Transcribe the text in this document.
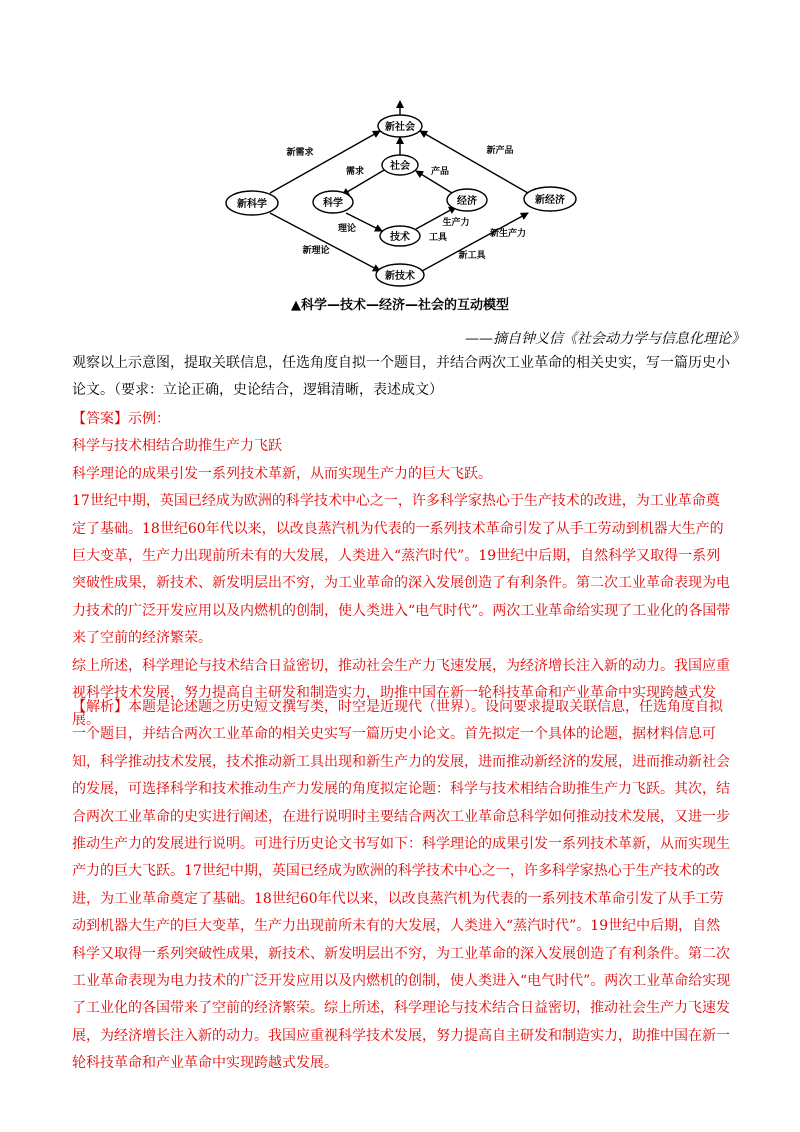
新社会
社会
新科学	科学	经济	新经济
技术
新技术
新需求	新产品
需求	产品
理论
工具
生产力
新理论	新工具
新生产力
▲科学—技术—经济—社会的互动模型
——摘自钟义信《社会动力学与信息化理论》

观察以上示意图，提取关联信息，任选角度自拟一个题目，并结合两次工业革命的相关史实，写一篇历史小论文。（要求：立论正确，史论结合，逻辑清晰，表述成文）

【答案】示例：

科学与技术相结合助推生产力飞跃

科学理论的成果引发一系列技术革新，从而实现生产力的巨大飞跃。

17世纪中期，英国已经成为欧洲的科学技术中心之一，许多科学家热心于生产技术的改进，为工业革命奠定了基础。18世纪60年代以来，以改良蒸汽机为代表的一系列技术革命引发了从手工劳动到机器大生产的巨大变革，生产力出现前所未有的大发展，人类进入“蒸汽时代”。19世纪中后期，自然科学又取得一系列突破性成果，新技术、新发明层出不穷，为工业革命的深入发展创造了有利条件。第二次工业革命表现为电力技术的广泛开发应用以及内燃机的创制，使人类进入“电气时代”。两次工业革命给实现了工业化的各国带来了空前的经济繁荣。

综上所述，科学理论与技术结合日益密切，推动社会生产力飞速发展，为经济增长注入新的动力。我国应重视科学技术发展，努力提高自主研发和制造实力，助推中国在新一轮科技革命和产业革命中实现跨越式发展。

【解析】本题是论述题之历史短文撰写类，时空是近现代（世界）。设问要求提取关联信息，任选角度自拟一个题目，并结合两次工业革命的相关史实写一篇历史小论文。首先拟定一个具体的论题，据材料信息可知，科学推动技术发展，技术推动新工具出现和新生产力的发展，进而推动新经济的发展，进而推动新社会的发展，可选择科学和技术推动生产力发展的角度拟定论题：科学与技术相结合助推生产力飞跃。其次，结合两次工业革命的史实进行阐述，在进行说明时主要结合两次工业革命总科学如何推动技术发展，又进一步推动生产力的发展进行说明。可进行历史论文书写如下：科学理论的成果引发一系列技术革新，从而实现生产力的巨大飞跃。17世纪中期，英国已经成为欧洲的科学技术中心之一，许多科学家热心于生产技术的改进，为工业革命奠定了基础。18世纪60年代以来，以改良蒸汽机为代表的一系列技术革命引发了从手工劳动到机器大生产的巨大变革，生产力出现前所未有的大发展，人类进入“蒸汽时代”。19世纪中后期，自然科学又取得一系列突破性成果，新技术、新发明层出不穷，为工业革命的深入发展创造了有利条件。第二次工业革命表现为电力技术的广泛开发应用以及内燃机的创制，使人类进入“电气时代”。两次工业革命给实现了工业化的各国带来了空前的经济繁荣。综上所述，科学理论与技术结合日益密切，推动社会生产力飞速发展，为经济增长注入新的动力。我国应重视科学技术发展，努力提高自主研发和制造实力，助推中国在新一轮科技革命和产业革命中实现跨越式发展。
